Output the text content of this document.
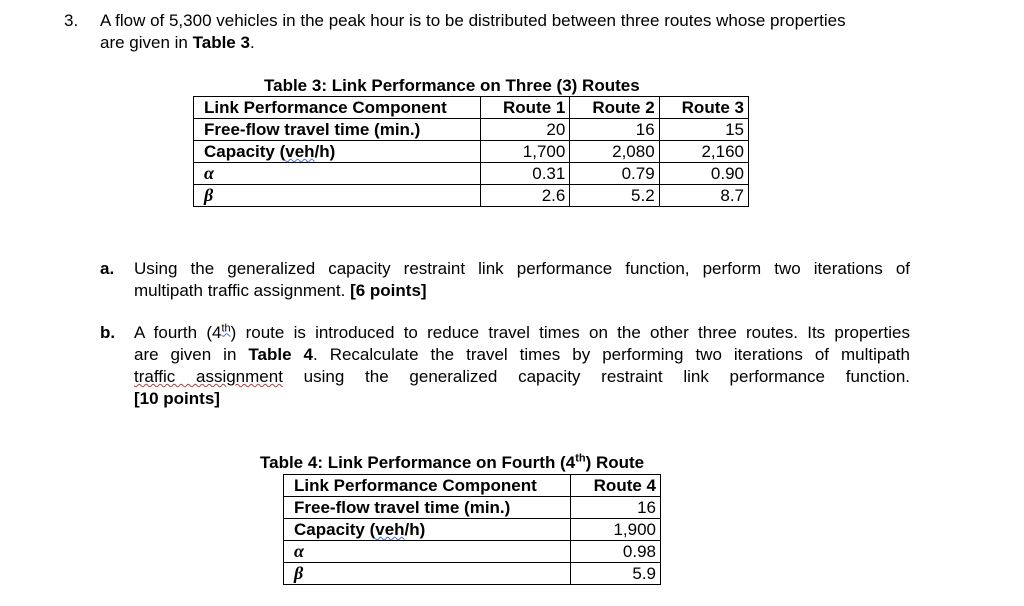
3. A flow of 5,300 vehicles in the peak hour is to be distributed between three routes whose properties
are given in Table 3.
Table 3: Link Performance on Three (3) Routes
Link Performance Component	Route 1	Route 2	Route 3
Free-flow travel time (min.)	20	16	15
Capacity (veh/h)	1,700	2,080	2,160
α	0.31	0.79	0.90
β	2.6	5.2	8.7
a. Using the generalized capacity restraint link performance function, perform two iterations of
multipath traffic assignment. [6 points]
b. A fourth (4th) route is introduced to reduce travel times on the other three routes. Its properties
are given in Table 4. Recalculate the travel times by performing two iterations of multipath
traffic assignment using the generalized capacity restraint link performance function.
[10 points]
Table 4: Link Performance on Fourth (4th) Route
Link Performance Component	Route 4
Free-flow travel time (min.)	16
Capacity (veh/h)	1,900
α	0.98
β	5.9
